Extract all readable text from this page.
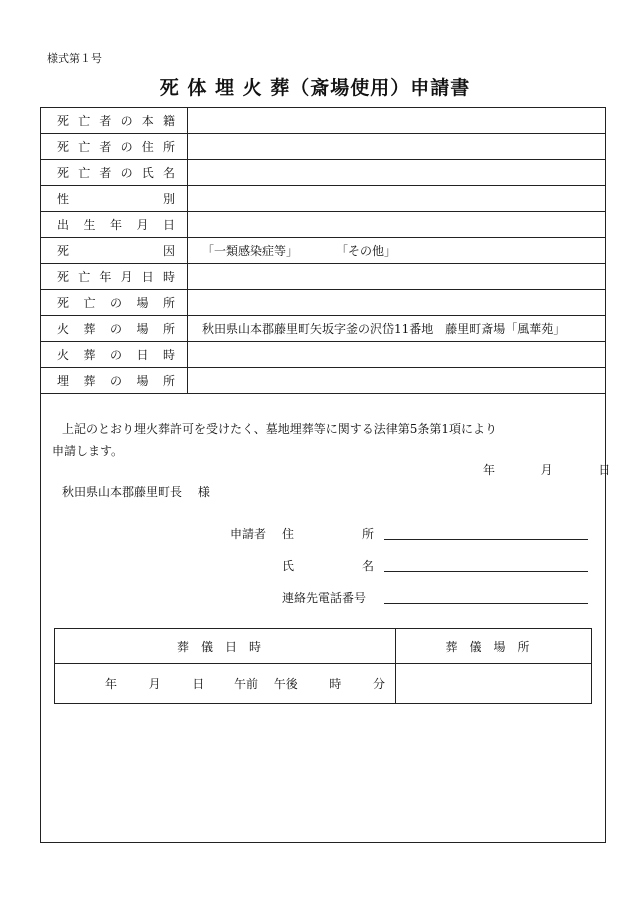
様式第１号
死 体 埋 火 葬（斎場使用）申請書
死亡者の本籍	

死亡者の住所	

死亡者の氏名	

性別	

出生年月日	

死因	「一類感染症等」 「その他」

死亡年月日時	

死亡の場所	

火葬の場所	秋田県山本郡藤里町矢坂字釜の沢岱11番地　藤里町斎場「風華苑」

火葬の日時	

埋葬の場所	

上記のとおり埋火葬許可を受けたく、墓地埋葬等に関する法律第5条第1項により
申請します。
年	月	日
秋田県山本郡藤里町長　 様
申請者 住	所
氏	名
連絡先電話番号
葬儀日時	葬儀場所

年 月 日 午前 午後 時 分	
